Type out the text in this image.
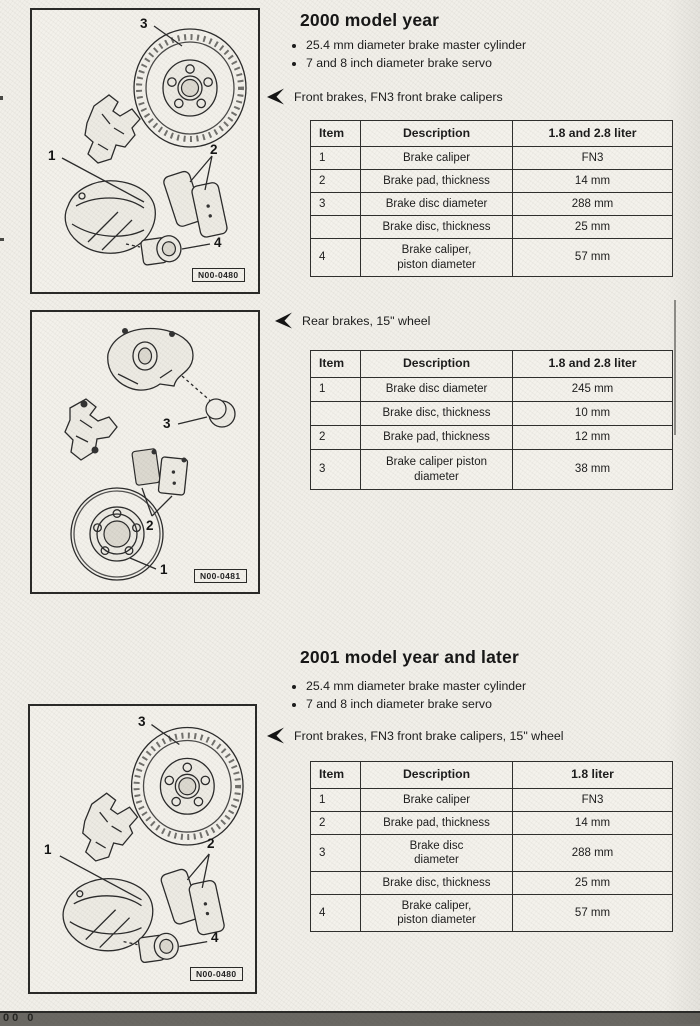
3
1	2
4
N00-0480
3
2
1	N00-0481
3
1	2
4
N00-0480
2000 model year
• 25.4 mm diameter brake master cylinder
• 7 and 8 inch diameter brake servo
Front brakes, FN3 front brake calipers
Item	Description	1.8 and 2.8 liter
1	Brake caliper	FN3
2	Brake pad, thickness	14 mm
3	Brake disc diameter	288 mm
	Brake disc, thickness	25 mm
4	Brake caliper,
piston diameter	57 mm
Rear brakes, 15" wheel
Item	Description	1.8 and 2.8 liter
1	Brake disc diameter	245 mm
	Brake disc, thickness	10 mm
2	Brake pad, thickness	12 mm
3	Brake caliper piston
diameter	38 mm
2001 model year and later
• 25.4 mm diameter brake master cylinder
• 7 and 8 inch diameter brake servo
Front brakes, FN3 front brake calipers, 15" wheel
Item	Description	1.8 liter
1	Brake caliper	FN3
2	Brake pad, thickness	14 mm
3	Brake disc
diameter	288 mm
	Brake disc, thickness	25 mm
4	Brake caliper,
piston diameter	57 mm
00 0
